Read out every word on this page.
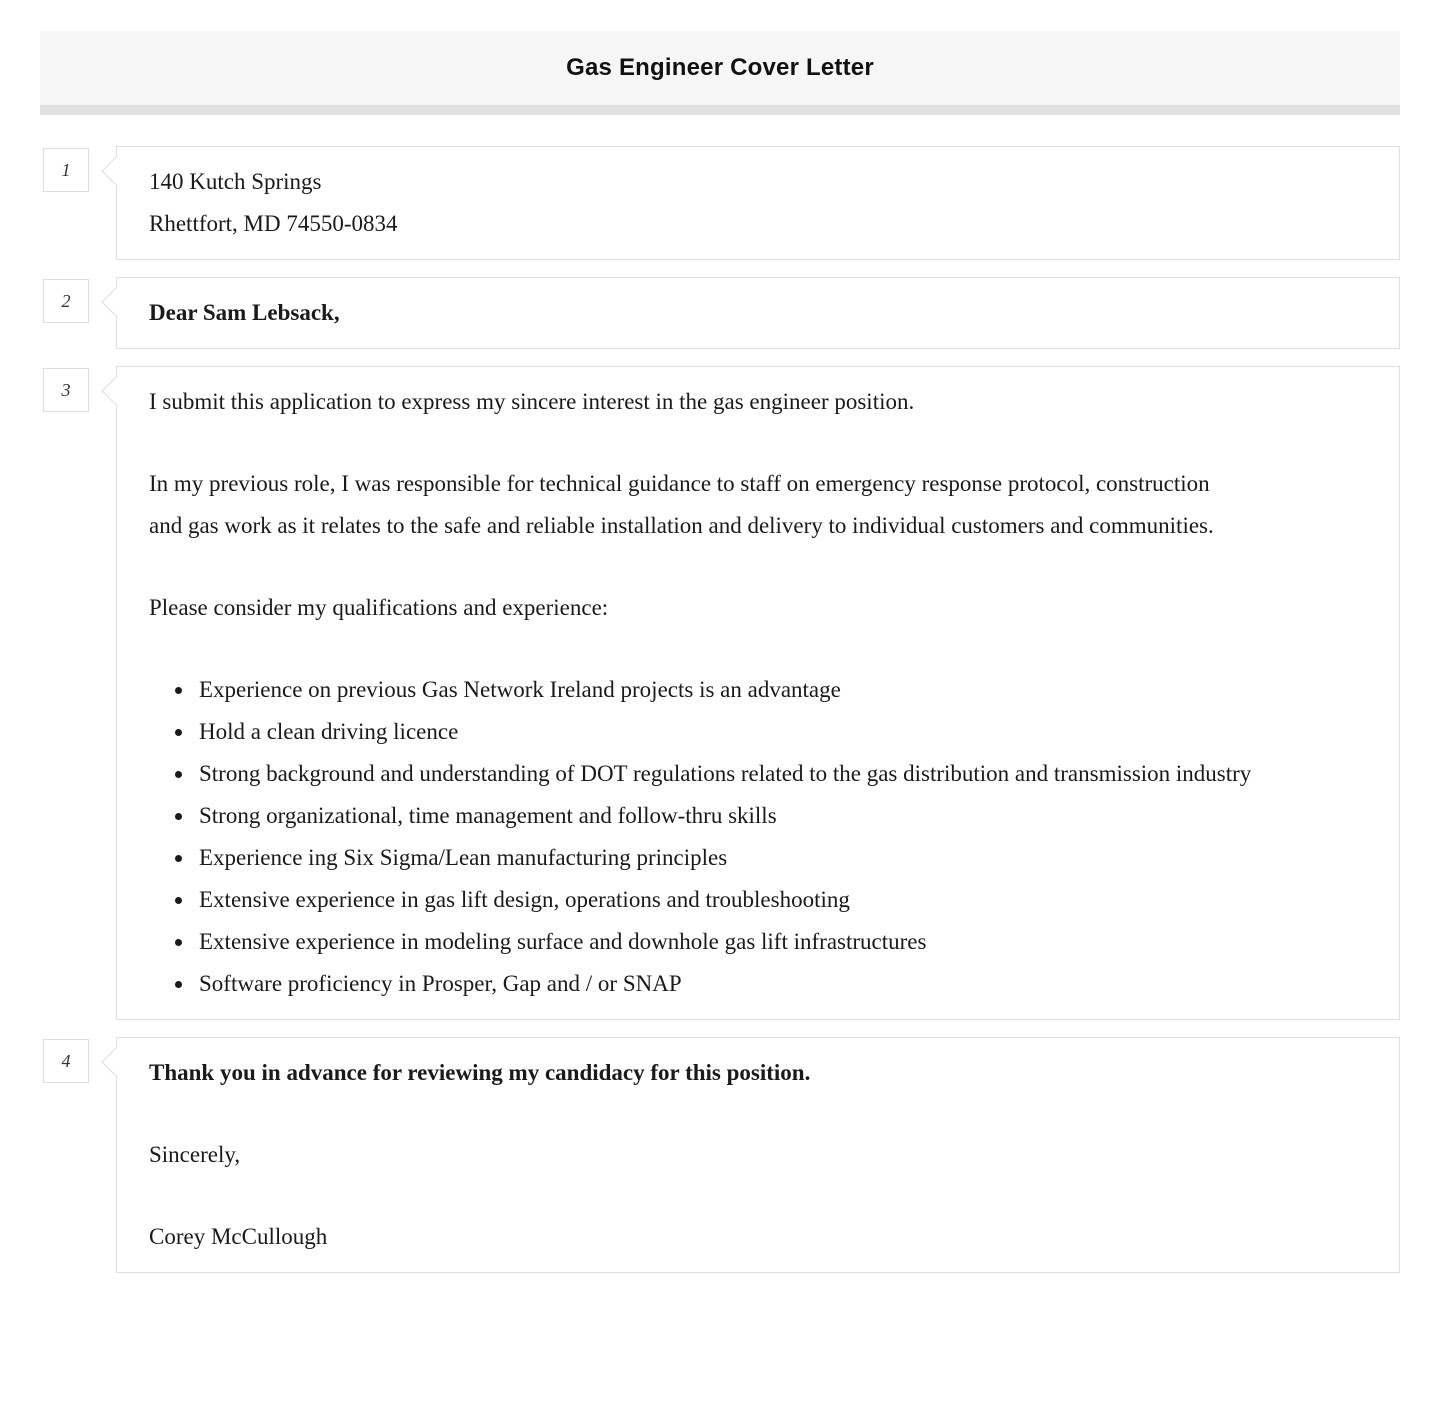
Gas Engineer Cover Letter
1	140 Kutch Springs
Rhettfort, MD 74550-0834
2	Dear Sam Lebsack,

3	I submit this application to express my sincere interest in the gas engineer position.

In my previous role, I was responsible for technical guidance to staff on emergency response protocol, construction and gas work as it relates to the safe and reliable installation and delivery to individual customers and communities.

Please consider my qualifications and experience:

• Experience on previous Gas Network Ireland projects is an advantage
• Hold a clean driving licence
• Strong background and understanding of DOT regulations related to the gas distribution and transmission industry
• Strong organizational, time management and follow-thru skills
• Experience ing Six Sigma/Lean manufacturing principles
• Extensive experience in gas lift design, operations and troubleshooting
• Extensive experience in modeling surface and downhole gas lift infrastructures
• Software proficiency in Prosper, Gap and / or SNAP
4	Thank you in advance for reviewing my candidacy for this position.

Sincerely,

Corey McCullough
